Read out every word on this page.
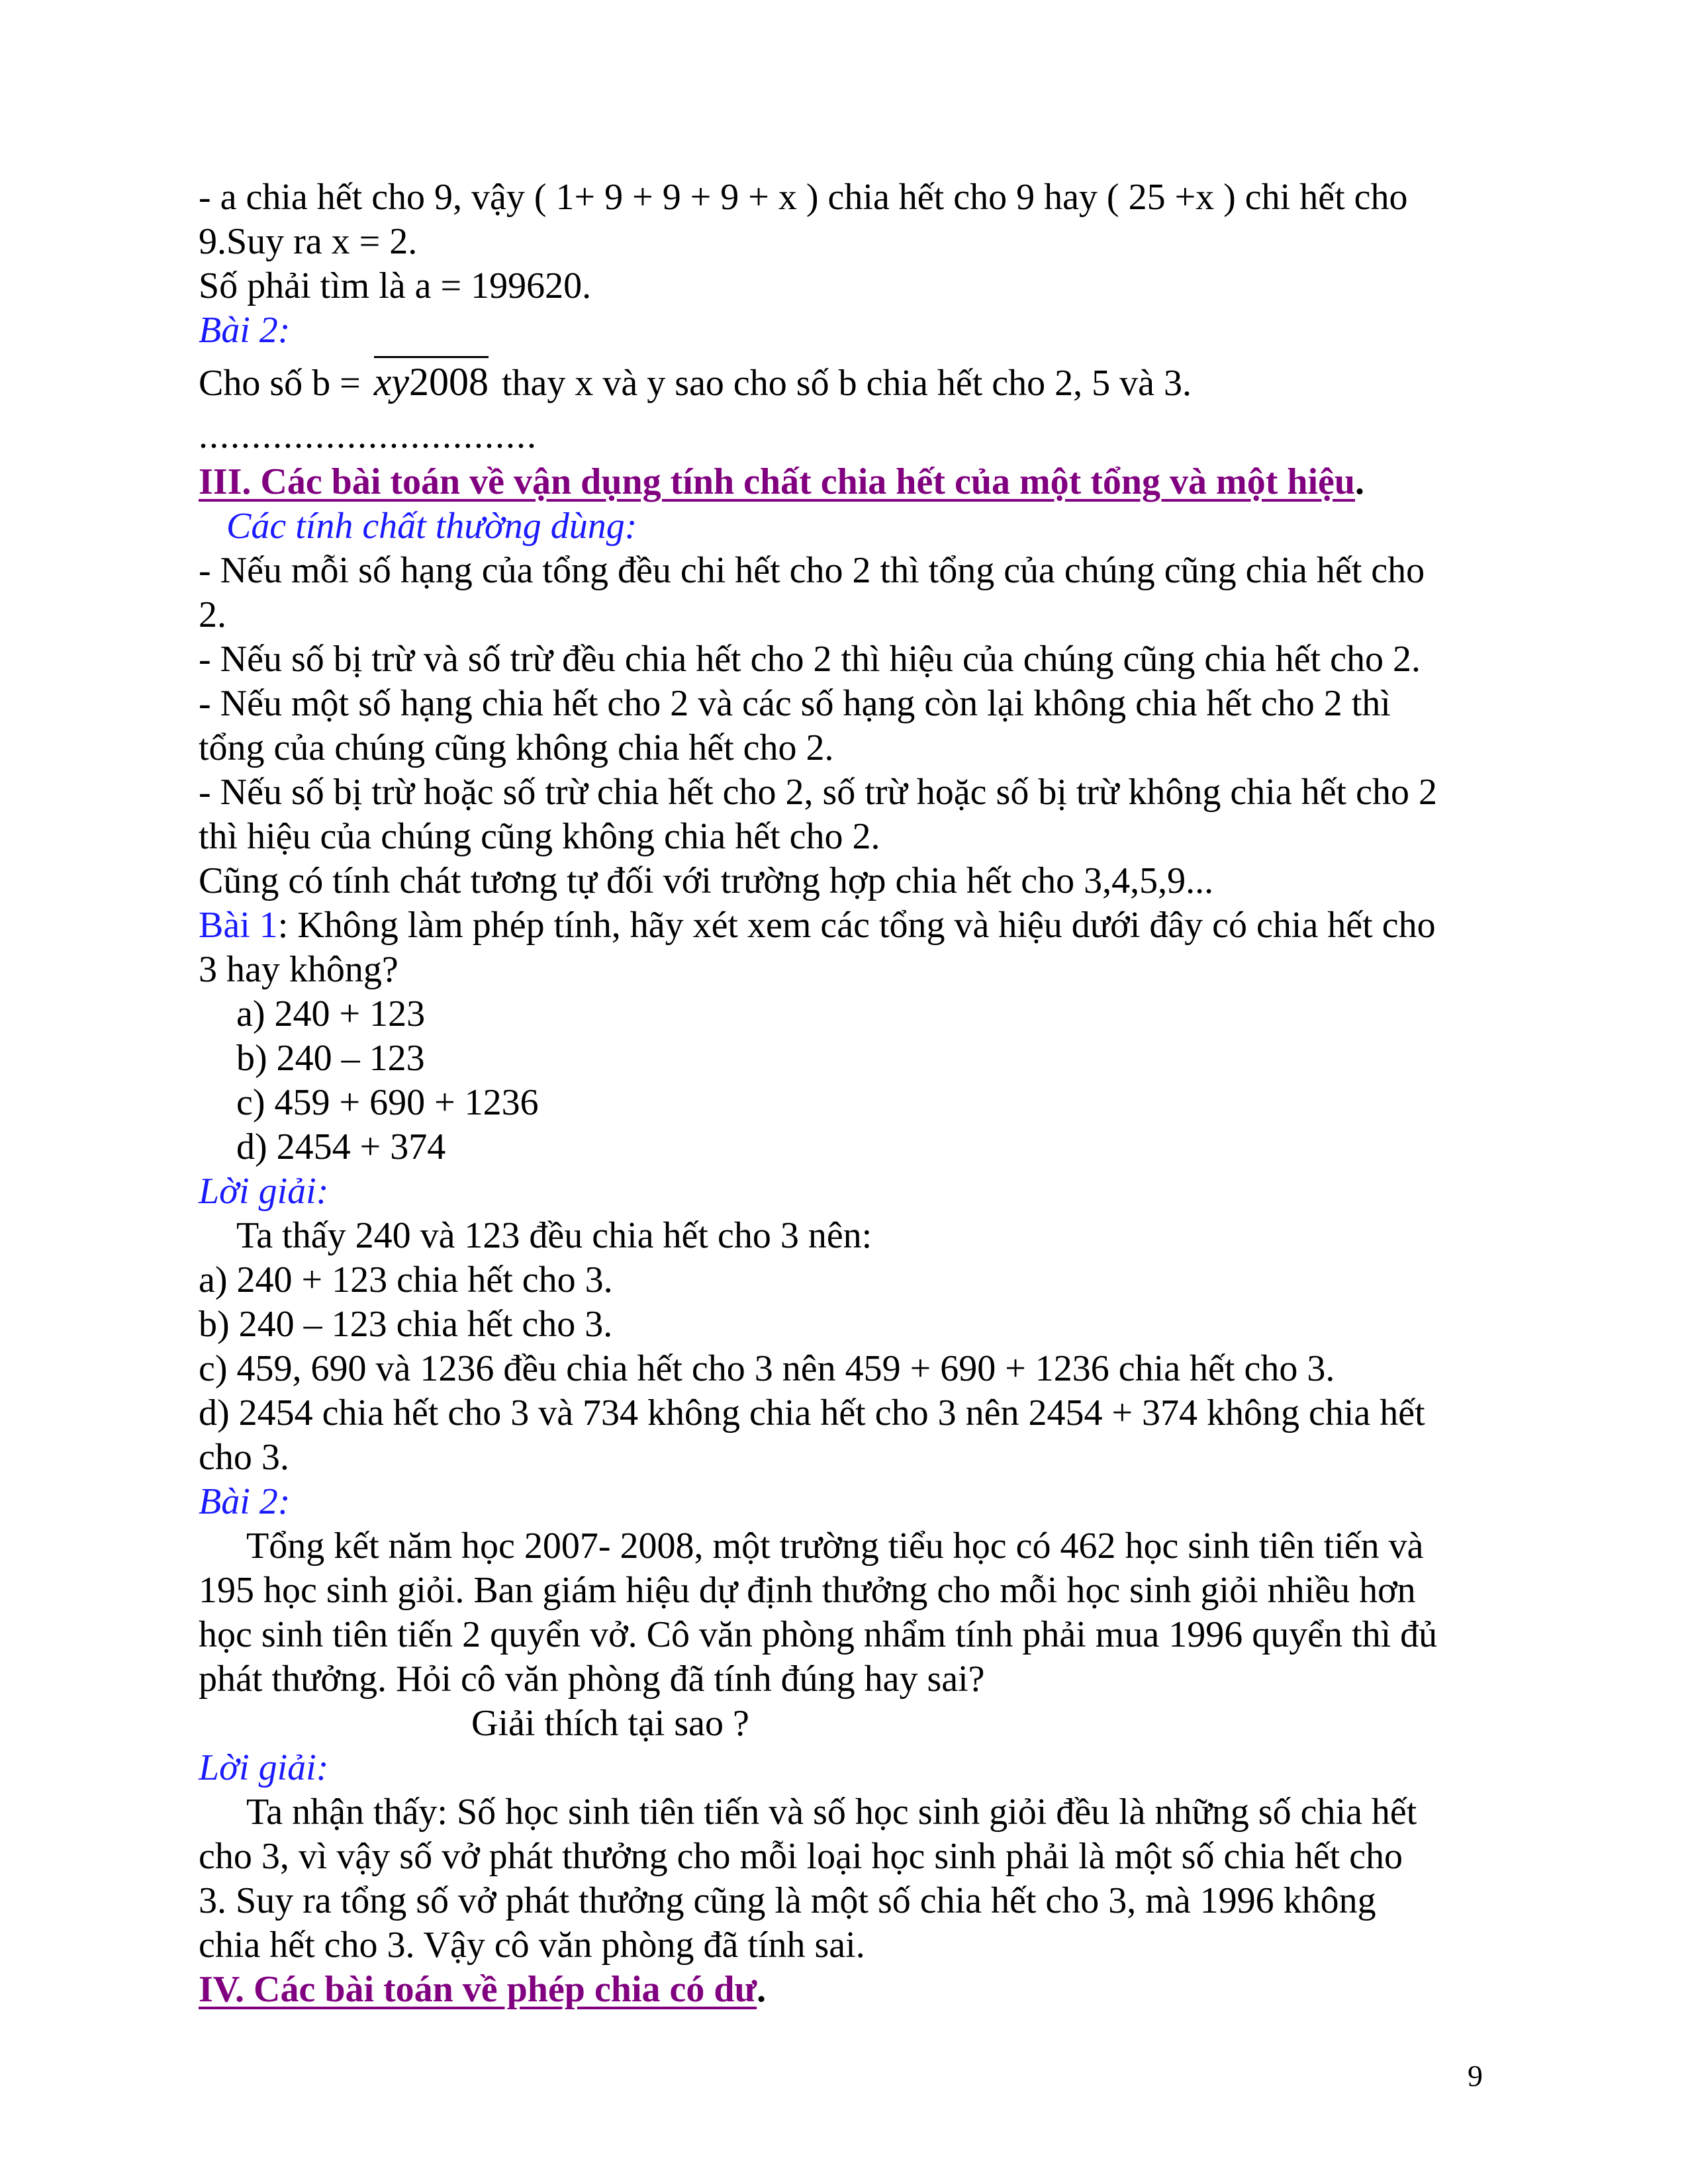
- a chia hết cho 9, vậy ( 1+ 9 + 9 + 9 + x ) chia hết cho 9 hay ( 25 +x ) chi hết cho
9.Suy ra x = 2.
Số phải tìm là a = 199620.
Bài 2:
Cho số b = xy2008 thay x và y sao cho số b chia hết cho 2, 5 và 3.
................................
III. Các bài toán về vận dụng tính chất chia hết của một tổng và một hiệu.
Các tính chất thường dùng:
- Nếu mỗi số hạng của tổng đều chi hết cho 2 thì tổng của chúng cũng chia hết cho
2.
- Nếu số bị trừ và số trừ đều chia hết cho 2 thì hiệu của chúng cũng chia hết cho 2.
- Nếu một số hạng chia hết cho 2 và các số hạng còn lại không chia hết cho 2 thì
tổng của chúng cũng không chia hết cho 2.
- Nếu số bị trừ hoặc số trừ chia hết cho 2, số trừ hoặc số bị trừ không chia hết cho 2
thì hiệu của chúng cũng không chia hết cho 2.
Cũng có tính chát tương tự đối với trường hợp chia hết cho 3,4,5,9...
Bài 1: Không làm phép tính, hãy xét xem các tổng và hiệu dưới đây có chia hết cho
3 hay không?
a) 240 + 123
b) 240 – 123
c) 459 + 690 + 1236
d) 2454 + 374
Lời giải:
Ta thấy 240 và 123 đều chia hết cho 3 nên:
a) 240 + 123 chia hết cho 3.
b) 240 – 123 chia hết cho 3.
c) 459, 690 và 1236 đều chia hết cho 3 nên 459 + 690 + 1236 chia hết cho 3.
d) 2454 chia hết cho 3 và 734 không chia hết cho 3 nên 2454 + 374 không chia hết
cho 3.
Bài 2:
Tổng kết năm học 2007- 2008, một trường tiểu học có 462 học sinh tiên tiến và
195 học sinh giỏi. Ban giám hiệu dự định thưởng cho mỗi học sinh giỏi nhiều hơn
học sinh tiên tiến 2 quyển vở. Cô văn phòng nhẩm tính phải mua 1996 quyển thì đủ
phát thưởng. Hỏi cô văn phòng đã tính đúng hay sai?
Giải thích tại sao ?
Lời giải:
Ta nhận thấy: Số học sinh tiên tiến và số học sinh giỏi đều là những số chia hết
cho 3, vì vậy số vở phát thưởng cho mỗi loại học sinh phải là một số chia hết cho
3. Suy ra tổng số vở phát thưởng cũng là một số chia hết cho 3, mà 1996 không
chia hết cho 3. Vậy cô văn phòng đã tính sai.
IV. Các bài toán về phép chia có dư.
9
